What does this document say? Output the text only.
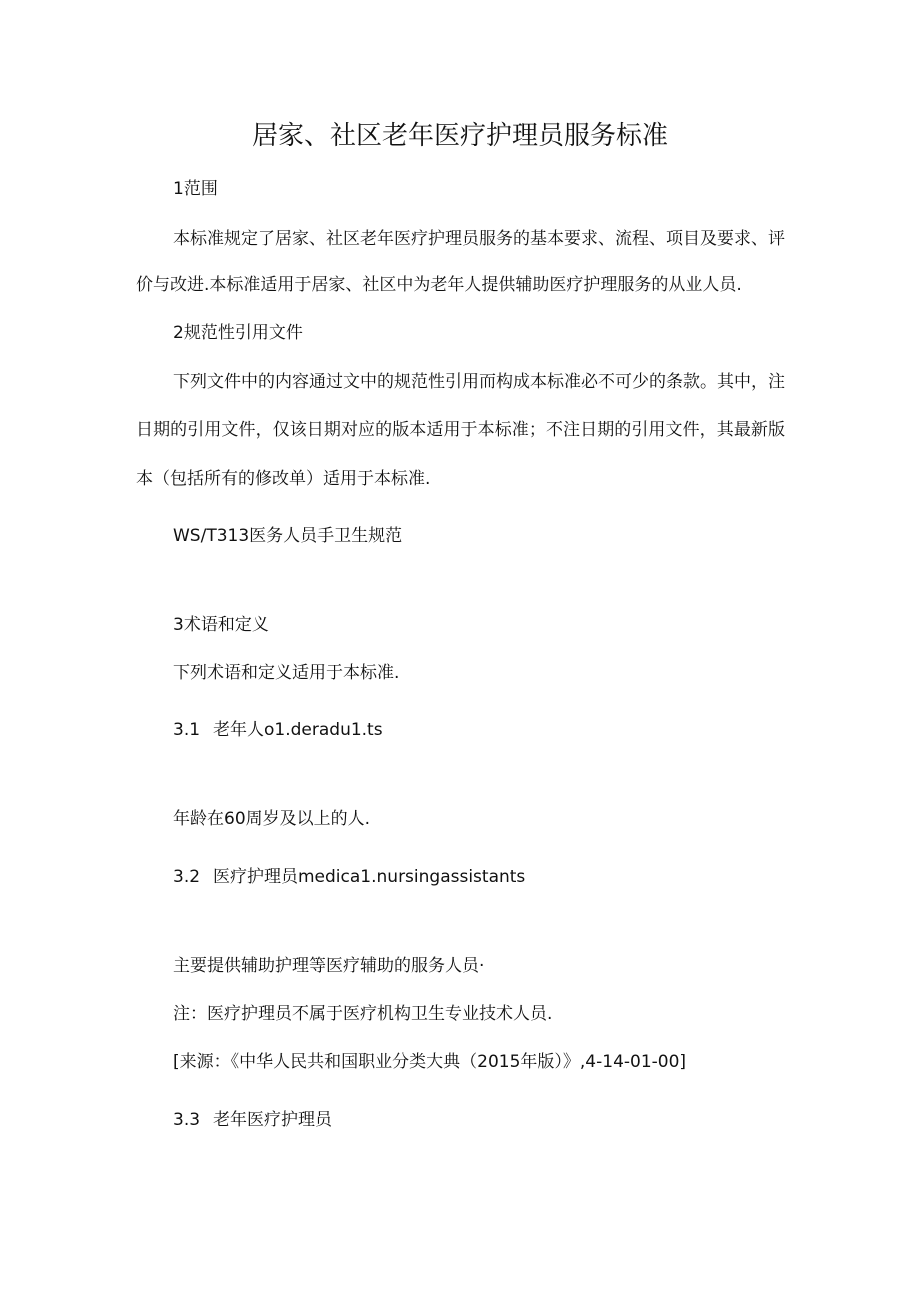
居家、社区老年医疗护理员服务标准

1范围

本标准规定了居家、社区老年医疗护理员服务的基本要求、流程、项目及要求、评

价与改进.本标准适用于居家、社区中为老年人提供辅助医疗护理服务的从业人员.

2规范性引用文件

下列文件中的内容通过文中的规范性引用而构成本标准必不可少的条款。其中，注

日期的引用文件，仅该日期对应的版本适用于本标准；不注日期的引用文件，其最新版

本（包括所有的修改单）适用于本标准.

WS/T313医务人员手卫生规范

3术语和定义

下列术语和定义适用于本标准.

3.1 老年人o1.deradu1.ts

年龄在60周岁及以上的人.

3.2 医疗护理员medica1.nursingassistants

主要提供辅助护理等医疗辅助的服务人员·

注：医疗护理员不属于医疗机构卫生专业技术人员.

[来源：《中华人民共和国职业分类大典（2015年版）》,4-14-01-00]

3.3 老年医疗护理员
